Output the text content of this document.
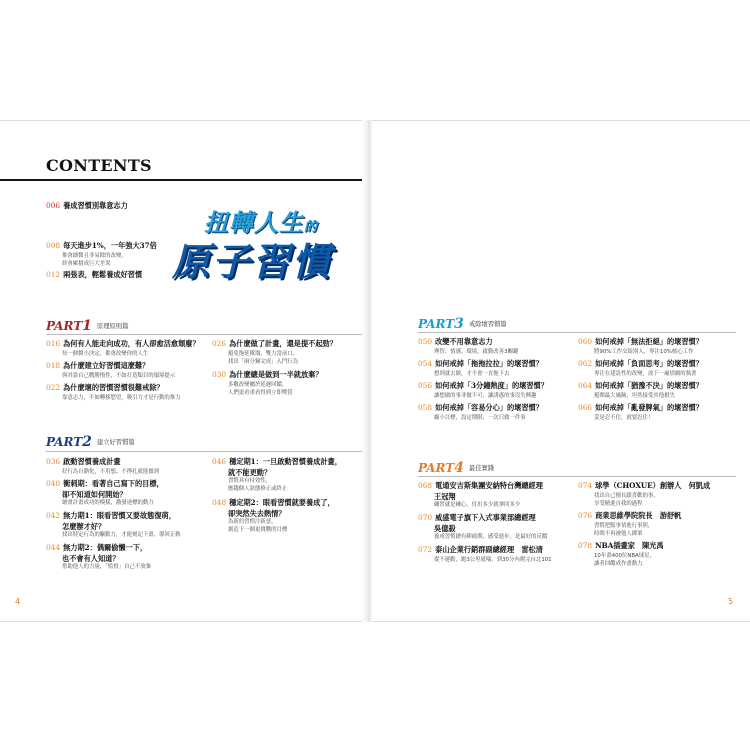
CONTENTS
006 養成習慣別靠意志力
008 每天進步1%，一年強大37倍
推會細微且非易餘的改變，
終會累積成巨大差異
012 兩張表，輕鬆養成好習慣
扭轉人生的
原子習慣
PART1 原理原則篇
016 為何有人能走向成功，有人卻愈活愈頹廢？
每一個微小決定，都會改變你的人生
018 為什麼建立好習慣這麼難？
與其靠自己戰勝惰性，不如打造類目的環境提示
022 為什麼壞的習慣習慣很難戒除？
靠意志力，不如轉移慾望，吸引力才是行動的推力
026 為什麼做了計畫，還是提不起勁？
避免拖延隊塌，雙力當前口，
找出「兩分鐘完成」入門行為
030 為什麼總是做到一半就放棄？
多數改變屬於延遲回饋，
人們更看重看得到立即獎賞
PART2 建立好習慣篇
036 啟動習慣養成計畫
好行為自動化，不用想、不掙扎就能做到
040 衝刺期：看著自己寫下的目標，
卻不知道如何開始？
繪畫計畫成功的模樣，激發達標的動力
042 無力期1：眼看習慣又要故態復萌，
怎麼辦才好？
找出特定行為的驅動力，才能刻記下畫，導回正軌
044 無力期2：偶爾偷懶一下，
也不會有人知道？
借助他人的力量，「監督」自己不放棄
046 穩定期1：一旦啟動習慣養成計畫，
就不能更動？
習慣具有持效性，
應趨個人狀態修正或終止
048 穩定期2：眼看習慣就要養成了，
卻突然失去熱情？
為新的習慣注新意，
創造下一個更挑戰的目標
4
PART3 戒除壞習慣篇
050 改變不用靠意志力
理智、情感、環境，啟動改善3關鍵
054 如何戒掉「拖拖拉拉」的壞習慣？
想到就去做，才不會一直拖下去
056 如何戒掉「3分鐘熱度」的壞習慣？
讓想做的事非做不可，讓誘惑的事沒失興趣
058 如何戒掉「容易分心」的壞習慣？
縮小目標，設定期限，一次只做一件事
060 如何戒掉「無法拒絕」的壞習慣？
將90%工作交給別人，專注10%核心工作
062 如何戒掉「負面思考」的壞習慣？
專注在建設性的改變，放下一廂情願的執著
064 如何戒掉「猶豫不決」的壞習慣？
避開最大風險，坦然接受其他損失
066 如何戒掉「亂發脾氣」的壞習慣？
妥是忍不住，就要忍住！
PART4 最佳實踐
068 電通安吉斯集團安納特台灣總經理
王冠翔
練習就是練心，付出多少就拿回多少
070 威盛電子旗下入式事業部總經理
吳億殺
養成習慣總有陣痛期，感受進步，是最好的反饋
072 泰山企業行銷群副總經理　雷松清
從不運動，跑3公里就喘，到30分內爬完台北101
074 球學（CHOXUE）創辦人　何凱成
找出自己擅長跟喜歡的事，
享受精進自我的過程
076 商業思維學院院長　游舒帆
習慣把點事情進行事照，
時間不再被他人綁架
078 NBA插畫家　陳光禹
10年畫400位NBA球星，
讓者回饋成作畫動力
5
